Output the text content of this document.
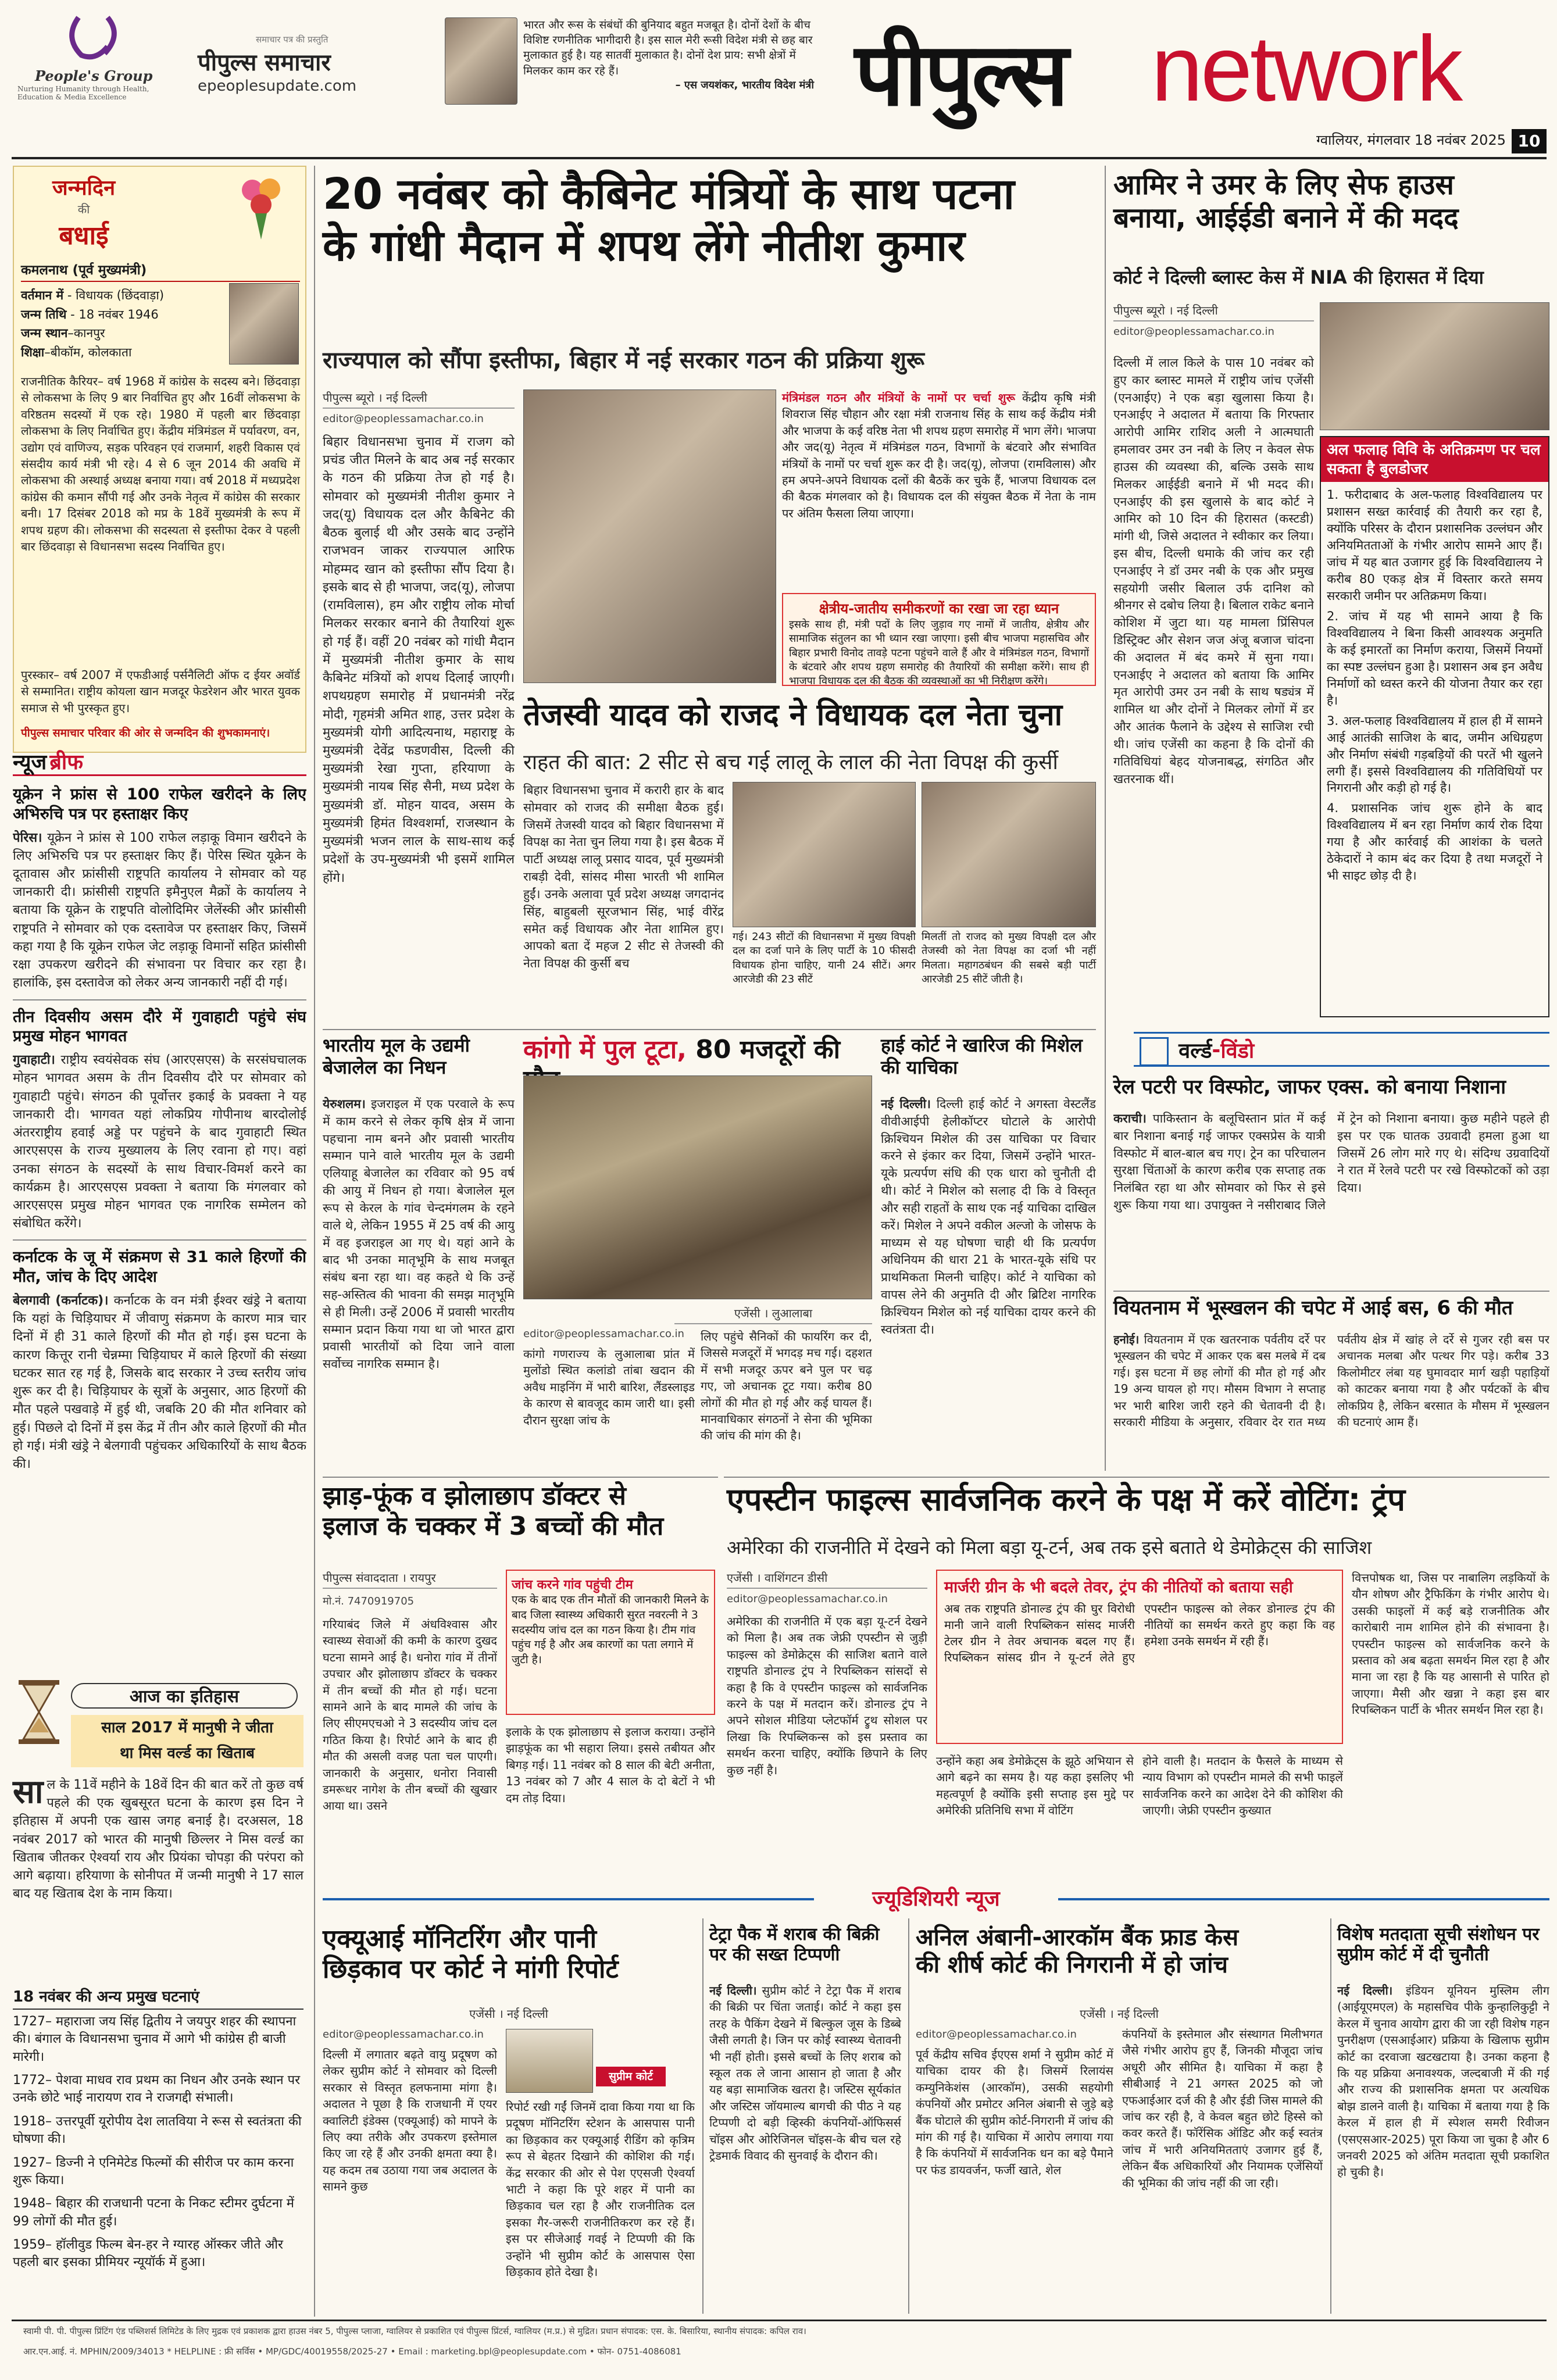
People's Group
Nurturing Humanity through Health, Education & Media Excellence
समाचार पत्र की प्रस्तुति
पीपुल्स समाचार
epeoplesupdate.com
भारत और रूस के संबंधों की बुनियाद बहुत मजबूत है। दोनों देशों के बीच विशिष्ट रणनीतिक भागीदारी है। इस साल मेरी रूसी विदेश मंत्री से छह बार मुलाकात हुई है। यह सातवीं मुलाकात है। दोनों देश प्राय: सभी क्षेत्रों में मिलकर काम कर रहे हैं।
– एस जयशंकर, भारतीय विदेश मंत्री पीपुल्स network
ग्वालियर, मंगलवार 18 नवंबर 2025 10
जन्मदिन
की
बधाई
कमलनाथ (पूर्व मुख्यमंत्री)
वर्तमान में - विधायक (छिंदवाड़ा)
जन्म तिथि - 18 नवंबर 1946
जन्म स्थान–कानपुर
शिक्षा–बीकॉम, कोलकाता
राजनीतिक कैरियर– वर्ष 1968 में कांग्रेस के सदस्य बने। छिंदवाड़ा से लोकसभा के लिए 9 बार निर्वाचित हुए और 16वीं लोकसभा के वरिष्ठतम सदस्यों में एक रहे। 1980 में पहली बार छिंदवाड़ा लोकसभा के लिए निर्वाचित हुए। केंद्रीय मंत्रिमंडल में पर्यावरण, वन, उद्योग एवं वाणिज्य, सड़क परिवहन एवं राजमार्ग, शहरी विकास एवं संसदीय कार्य मंत्री भी रहे। 4 से 6 जून 2014 की अवधि में लोकसभा की अस्थाई अध्यक्ष बनाया गया। वर्ष 2018 में मध्यप्रदेश कांग्रेस की कमान सौंपी गई और उनके नेतृत्व में कांग्रेस की सरकार बनी। 17 दिसंबर 2018 को मप्र के 18वें मुख्यमंत्री के रूप में शपथ ग्रहण की। लोकसभा की सदस्यता से इस्तीफा देकर वे पहली बार छिंदवाड़ा से विधानसभा सदस्य निर्वाचित हुए।
पुरस्कार– वर्ष 2007 में एफडीआई पर्सनैलिटी ऑफ द ईयर अवॉर्ड से सम्मानित। राष्ट्रीय कोयला खान मजदूर फेडरेशन और भारत युवक समाज से भी पुरस्कृत हुए।
पीपुल्स समाचार परिवार की ओर से जन्मदिन की शुभकामनाएं।
न्यूज ब्रीफ
यूक्रेन ने फ्रांस से 100 राफेल खरीदने के लिए अभिरुचि पत्र पर हस्ताक्षर किए

पेरिस। यूक्रेन ने फ्रांस से 100 राफेल लड़ाकू विमान खरीदने के लिए अभिरुचि पत्र पर हस्ताक्षर किए हैं। पेरिस स्थित यूक्रेन के दूतावास और फ्रांसीसी राष्ट्रपति कार्यालय ने सोमवार को यह जानकारी दी। फ्रांसीसी राष्ट्रपति इमैनुएल मैक्रों के कार्यालय ने बताया कि यूक्रेन के राष्ट्रपति वोलोदिमिर जेलेंस्की और फ्रांसीसी राष्ट्रपति ने सोमवार को एक दस्तावेज पर हस्ताक्षर किए, जिसमें कहा गया है कि यूक्रेन राफेल जेट लड़ाकू विमानों सहित फ्रांसीसी रक्षा उपकरण खरीदने की संभावना पर विचार कर रहा है। हालांकि, इस दस्तावेज को लेकर अन्य जानकारी नहीं दी गई।

तीन दिवसीय असम दौरे में गुवाहाटी पहुंचे संघ प्रमुख मोहन भागवत

गुवाहाटी। राष्ट्रीय स्वयंसेवक संघ (आरएसएस) के सरसंघचालक मोहन भागवत असम के तीन दिवसीय दौरे पर सोमवार को गुवाहाटी पहुंचे। संगठन की पूर्वोत्तर इकाई के प्रवक्ता ने यह जानकारी दी। भागवत यहां लोकप्रिय गोपीनाथ बारदोलोई अंतरराष्ट्रीय हवाई अड्डे पर पहुंचने के बाद गुवाहाटी स्थित आरएसएस के राज्य मुख्यालय के लिए रवाना हो गए। वहां उनका संगठन के सदस्यों के साथ विचार-विमर्श करने का कार्यक्रम है। आरएसएस प्रवक्ता ने बताया कि मंगलवार को आरएसएस प्रमुख मोहन भागवत एक नागरिक सम्मेलन को संबोधित करेंगे।

कर्नाटक के जू में संक्रमण से 31 काले हिरणों की मौत, जांच के दिए आदेश

बेलगावी (कर्नाटक)। कर्नाटक के वन मंत्री ईश्वर खंड्रे ने बताया कि यहां के चिड़ियाघर में जीवाणु संक्रमण के कारण मात्र चार दिनों में ही 31 काले हिरणों की मौत हो गई। इस घटना के कारण कित्तूर रानी चेन्नम्मा चिड़ियाघर में काले हिरणों की संख्या घटकर सात रह गई है, जिसके बाद सरकार ने उच्च स्तरीय जांच शुरू कर दी है। चिड़ियाघर के सूत्रों के अनुसार, आठ हिरणों की मौत पहले पखवाड़े में हुई थी, जबकि 20 की मौत शनिवार को हुई। पिछले दो दिनों में इस केंद्र में तीन और काले हिरणों की मौत हो गई। मंत्री खंड्रे ने बेलगावी पहुंचकर अधिकारियों के साथ बैठक की।

आज का इतिहास
साल 2017 में मानुषी ने जीता
था मिस वर्ल्ड का खिताब
साल के 11वें महीने के 18वें दिन की बात करें तो कुछ वर्ष पहले की एक खुबसूरत घटना के कारण इस दिन ने इतिहास में अपनी एक खास जगह बनाई है। दरअसल, 18 नवंबर 2017 को भारत की मानुषी छिल्लर ने मिस वर्ल्ड का खिताब जीतकर ऐश्वर्या राय और प्रियंका चोपड़ा की परंपरा को आगे बढ़ाया। हरियाणा के सोनीपत में जन्मी मानुषी ने 17 साल बाद यह खिताब देश के नाम किया।
18 नवंबर की अन्य प्रमुख घटनाएं

1727– महाराजा जय सिंह द्वितीय ने जयपुर शहर की स्थापना की। बंगाल के विधानसभा चुनाव में आगे भी कांग्रेस ही बाजी मारेगी।

1772– पेशवा माधव राव प्रथम का निधन और उनके स्थान पर उनके छोटे भाई नारायण राव ने राजगद्दी संभाली।

1918– उत्तरपूर्वी यूरोपीय देश लातविया ने रूस से स्वतंत्रता की घोषणा की।

1927– डिज्नी ने एनिमेटेड फिल्मों की सीरीज पर काम करना शुरू किया।

1948– बिहार की राजधानी पटना के निकट स्टीमर दुर्घटना में 99 लोगों की मौत हुई।

1959– हॉलीवुड फिल्म बेन-हर ने ग्यारह ऑस्कर जीते और पहली बार इसका प्रीमियर न्यूयॉर्क में हुआ।

20 नवंबर को कैबिनेट मंत्रियों के साथ पटना
के गांधी मैदान में शपथ लेंगे नीतीश कुमार
राज्यपाल को सौंपा इस्तीफा, बिहार में नई सरकार गठन की प्रक्रिया शुरू
पीपुल्स ब्यूरो । नई दिल्ली
editor@peoplessamachar.co.in
बिहार विधानसभा चुनाव में राजग को प्रचंड जीत मिलने के बाद अब नई सरकार के गठन की प्रक्रिया तेज हो गई है। सोमवार को मुख्यमंत्री नीतीश कुमार ने जद(यू) विधायक दल और कैबिनेट की बैठक बुलाई थी और उसके बाद उन्होंने राजभवन जाकर राज्यपाल आरिफ मोहम्मद खान को इस्तीफा सौंप दिया है। इसके बाद से ही भाजपा, जद(यू), लोजपा (रामविलास), हम और राष्ट्रीय लोक मोर्चा मिलकर सरकार बनाने की तैयारियां शुरू हो गई हैं। वहीं 20 नवंबर को गांधी मैदान में मुख्यमंत्री नीतीश कुमार के साथ कैबिनेट मंत्रियों को शपथ दिलाई जाएगी। शपथग्रहण समारोह में प्रधानमंत्री नरेंद्र मोदी, गृहमंत्री अमित शाह, उत्तर प्रदेश के मुख्यमंत्री योगी आदित्यनाथ, महाराष्ट्र के मुख्यमंत्री देवेंद्र फडणवीस, दिल्ली की मुख्यमंत्री रेखा गुप्ता, हरियाणा के मुख्यमंत्री नायब सिंह सैनी, मध्य प्रदेश के मुख्यमंत्री डॉ. मोहन यादव, असम के मुख्यमंत्री हिमंत विश्वशर्मा, राजस्थान के मुख्यमंत्री भजन लाल के साथ-साथ कई प्रदेशों के उप-मुख्यमंत्री भी इसमें शामिल होंगे।
मंत्रिमंडल गठन और मंत्रियों के नामों पर चर्चा शुरू केंद्रीय कृषि मंत्री शिवराज सिंह चौहान और रक्षा मंत्री राजनाथ सिंह के साथ कई केंद्रीय मंत्री और भाजपा के कई वरिष्ठ नेता भी शपथ ग्रहण समारोह में भाग लेंगे। भाजपा और जद(यू) नेतृत्व में मंत्रिमंडल गठन, विभागों के बंटवारे और संभावित मंत्रियों के नामों पर चर्चा शुरू कर दी है। जद(यू), लोजपा (रामविलास) और हम अपने-अपने विधायक दलों की बैठकें कर चुके हैं, भाजपा विधायक दल की बैठक मंगलवार को है। विधायक दल की संयुक्त बैठक में नेता के नाम पर अंतिम फैसला लिया जाएगा।
क्षेत्रीय-जातीय समीकरणों का रखा जा रहा ध्यान
इसके साथ ही, मंत्री पदों के लिए जुड़ाव गए नामों में जातीय, क्षेत्रीय और सामाजिक संतुलन का भी ध्यान रखा जाएगा। इसी बीच भाजपा महासचिव और बिहार प्रभारी विनोद तावड़े पटना पहुंचने वाले हैं और वे मंत्रिमंडल गठन, विभागों के बंटवारे और शपथ ग्रहण समारोह की तैयारियों की समीक्षा करेंगे। साथ ही भाजपा विधायक दल की बैठक की व्यवस्थाओं का भी निरीक्षण करेंगे।
तेजस्वी यादव को राजद ने विधायक दल नेता चुना
राहत की बात: 2 सीट से बच गई लालू के लाल की नेता विपक्ष की कुर्सी
बिहार विधानसभा चुनाव में करारी हार के बाद सोमवार को राजद की समीक्षा बैठक हुई। जिसमें तेजस्वी यादव को बिहार विधानसभा में विपक्ष का नेता चुन लिया गया है। इस बैठक में पार्टी अध्यक्ष लालू प्रसाद यादव, पूर्व मुख्यमंत्री राबड़ी देवी, सांसद मीसा भारती भी शामिल हुईं। उनके अलावा पूर्व प्रदेश अध्यक्ष जगदानंद सिंह, बाहुबली सूरजभान सिंह, भाई वीरेंद्र समेत कई विधायक और नेता शामिल हुए। आपको बता दें महज 2 सीट से तेजस्वी की नेता विपक्ष की कुर्सी बच
गई। 243 सीटों की विधानसभा में मुख्य विपक्षी दल का दर्जा पाने के लिए पार्टी के 10 फीसदी विधायक होना चाहिए, यानी 24 सीटें। अगर आरजेडी की 23 सीटें
मिलतीं तो राजद को मुख्य विपक्षी दल और तेजस्वी को नेता विपक्ष का दर्जा भी नहीं मिलता। महागठबंधन की सबसे बड़ी पार्टी आरजेडी 25 सीटें जीती है।
भारतीय मूल के उद्यमी बेजालेल का निधन
येरुशलम। इजराइल में एक परवाले के रूप में काम करने से लेकर कृषि क्षेत्र में जाना पहचाना नाम बनने और प्रवासी भारतीय सम्मान पाने वाले भारतीय मूल के उद्यमी एलियाहू बेजालेल का रविवार को 95 वर्ष की आयु में निधन हो गया। बेजालेल मूल रूप से केरल के गांव चेन्दमंगलम के रहने वाले थे, लेकिन 1955 में 25 वर्ष की आयु में वह इजराइल आ गए थे। यहां आने के बाद भी उनका मातृभूमि के साथ मजबूत संबंध बना रहा था। वह कहते थे कि उन्हें सह-अस्तित्व की भावना की समझ मातृभूमि से ही मिली। उन्हें 2006 में प्रवासी भारतीय सम्मान प्रदान किया गया था जो भारत द्वारा प्रवासी भारतीयों को दिया जाने वाला सर्वोच्च नागरिक सम्मान है।
कांगो में पुल टूटा, 80 मजदूरों की
एजेंसी । लुआलाबा
editor@peoplessamachar.co.in
कांगो गणराज्य के लुआलाबा प्रांत में मुलोंडो स्थित कलांडो तांबा खदान की अवैध माइनिंग में भारी बारिश, लैंडस्लाइड के कारण से बावजूद काम जारी था। इसी दौरान सुरक्षा जांच के
लिए पहुंचे सैनिकों की फायरिंग कर दी, जिससे मजदूरों में भगदड़ मच गई। दहशत में सभी मजदूर ऊपर बने पुल पर चढ़ गए, जो अचानक टूट गया। करीब 80 लोगों की मौत हो गई और कई घायल हैं। मानवाधिकार संगठनों ने सेना की भूमिका की जांच की मांग की है।
हाई कोर्ट ने खारिज की मिशेल की याचिका
नई दिल्ली। दिल्ली हाई कोर्ट ने अगस्ता वेस्टलैंड वीवीआईपी हेलीकॉप्टर घोटाले के आरोपी क्रिश्चियन मिशेल की उस याचिका पर विचार करने से इंकार कर दिया, जिसमें उन्होंने भारत-यूके प्रत्यर्पण संधि की एक धारा को चुनौती दी थी। कोर्ट ने मिशेल को सलाह दी कि वे विस्तृत और सही राहतों के साथ एक नई याचिका दाखिल करें। मिशेल ने अपने वकील अल्जो के जोसफ के माध्यम से यह घोषणा चाही थी कि प्रत्यर्पण अधिनियम की धारा 21 के भारत-यूके संधि पर प्राथमिकता मिलनी चाहिए। कोर्ट ने याचिका को वापस लेने की अनुमति दी और ब्रिटिश नागरिक क्रिश्चियन मिशेल को नई याचिका दायर करने की स्वतंत्रता दी।
झाड़-फूंक व झोलाछाप डॉक्टर से
इलाज के चक्कर में 3 बच्चों की मौत
पीपुल्स संवाददाता । रायपुर
मो.नं. 7470919705
गरियाबंद जिले में अंधविश्वास और स्वास्थ्य सेवाओं की कमी के कारण दुखद घटना सामने आई है। धनोरा गांव में तीनों उपचार और झोलाछाप डॉक्टर के चक्कर में तीन बच्चों की मौत हो गई। घटना सामने आने के बाद मामले की जांच के लिए सीएमएचओ ने 3 सदस्यीय जांच दल गठित किया है। रिपोर्ट आने के बाद ही मौत की असली वजह पता चल पाएगी। जानकारी के अनुसार, धनोरा निवासी डमरूधर नागेश के तीन बच्चों की खुखार आया था। उसने
जांच करने गांव पहुंची टीम
एक के बाद एक तीन मौतों की जानकारी मिलने के बाद जिला स्वास्थ्य अधिकारी सुरत नवरत्नी ने 3 सदस्यीय जांच दल का गठन किया है। टीम गांव पहुंच गई है और अब कारणों का पता लगाने में जुटी है।
इलाके के एक झोलाछाप से इलाज कराया। उन्होंने झाड़फूंक का भी सहारा लिया। इससे तबीयत और बिगड़ गई। 11 नवंबर को 8 साल की बेटी अनीता, 13 नवंबर को 7 और 4 साल के दो बेटों ने भी दम तोड़ दिया।
आमिर ने उमर के लिए सेफ हाउस
बनाया, आईईडी बनाने में की मदद
कोर्ट ने दिल्ली ब्लास्ट केस में NIA की हिरासत में दिया
पीपुल्स ब्यूरो । नई दिल्ली
editor@peoplessamachar.co.in
दिल्ली में लाल किले के पास 10 नवंबर को हुए कार ब्लास्ट मामले में राष्ट्रीय जांच एजेंसी (एनआईए) ने एक बड़ा खुलासा किया है। एनआईए ने अदालत में बताया कि गिरफ्तार आरोपी आमिर राशिद अली ने आत्मघाती हमलावर उमर उन नबी के लिए न केवल सेफ हाउस की व्यवस्था की, बल्कि उसके साथ मिलकर आईईडी बनाने में भी मदद की। एनआईए की इस खुलासे के बाद कोर्ट ने आमिर को 10 दिन की हिरासत (कस्टडी) मांगी थी, जिसे अदालत ने स्वीकार कर लिया। इस बीच, दिल्ली धमाके की जांच कर रही एनआईए ने डॉ उमर नबी के एक और प्रमुख सहयोगी जसीर बिलाल उर्फ दानिश को श्रीनगर से दबोच लिया है। बिलाल राकेट बनाने कोशिश में जुटा था। यह मामला प्रिंसिपल डिस्ट्रिक्ट और सेशन जज अंजू बजाज चांदना की अदालत में बंद कमरे में सुना गया। एनआईए ने अदालत को बताया कि आमिर मृत आरोपी उमर उन नबी के साथ षड्यंत्र में शामिल था और दोनों ने मिलकर लोगों में डर और आतंक फैलाने के उद्देश्य से साजिश रची थी। जांच एजेंसी का कहना है कि दोनों की गतिविधियां बेहद योजनाबद्ध, संगठित और खतरनाक थीं।
अल फलाह विवि के अतिक्रमण पर चल सकता है बुलडोजर

1. फरीदाबाद के अल-फलाह विश्वविद्यालय पर प्रशासन सख्त कार्रवाई की तैयारी कर रहा है, क्योंकि परिसर के दौरान प्रशासनिक उल्लंघन और अनियमितताओं के गंभीर आरोप सामने आए हैं। जांच में यह बात उजागर हुई कि विश्वविद्यालय ने करीब 80 एकड़ क्षेत्र में विस्तार करते समय सरकारी जमीन पर अतिक्रमण किया।

2. जांच में यह भी सामने आया है कि विश्वविद्यालय ने बिना किसी आवश्यक अनुमति के कई इमारतों का निर्माण कराया, जिसमें नियमों का स्पष्ट उल्लंघन हुआ है। प्रशासन अब इन अवैध निर्माणों को ध्वस्त करने की योजना तैयार कर रहा है।

3. अल-फलाह विश्वविद्यालय में हाल ही में सामने आई आतंकी साजिश के बाद, जमीन अधिग्रहण और निर्माण संबंधी गड़बड़ियों की परतें भी खुलने लगी हैं। इससे विश्वविद्यालय की गतिविधियों पर निगरानी और कड़ी हो गई है।

4. प्रशासनिक जांच शुरू होने के बाद विश्वविद्यालय में बन रहा निर्माण कार्य रोक दिया गया है और कार्रवाई की आशंका के चलते ठेकेदारों ने काम बंद कर दिया है तथा मजदूरों ने भी साइट छोड़ दी है।

वर्ल्ड-विंडो
रेल पटरी पर विस्फोट, जाफर एक्स. को बनाया निशाना
कराची। पाकिस्तान के बलूचिस्तान प्रांत में कई बार निशाना बनाई गई जाफर एक्सप्रेस के यात्री विस्फोट में बाल-बाल बच गए। ट्रेन का परिचालन सुरक्षा चिंताओं के कारण करीब एक सप्ताह तक निलंबित रहा था और सोमवार को फिर से इसे शुरू किया गया था। उपायुक्त ने नसीराबाद जिले में ट्रेन को निशाना बनाया। कुछ महीने पहले ही इस पर एक घातक उग्रवादी हमला हुआ था जिसमें 26 लोग मारे गए थे। संदिग्ध उग्रवादियों ने रात में रेलवे पटरी पर रखे विस्फोटकों को उड़ा दिया।
वियतनाम में भूस्खलन की चपेट में आई बस, 6 की मौत
हनोई। वियतनाम में एक खतरनाक पर्वतीय दर्रे पर भूस्खलन की चपेट में आकर एक बस मलबे में दब गई। इस घटना में छह लोगों की मौत हो गई और 19 अन्य घायल हो गए। मौसम विभाग ने सप्ताह भर भारी बारिश जारी रहने की चेतावनी दी है। सरकारी मीडिया के अनुसार, रविवार देर रात मध्य पर्वतीय क्षेत्र में खांह ले दर्रे से गुजर रही बस पर अचानक मलबा और पत्थर गिर पड़े। करीब 33 किलोमीटर लंबा यह घुमावदार मार्ग खड़ी पहाड़ियों को काटकर बनाया गया है और पर्यटकों के बीच लोकप्रिय है, लेकिन बरसात के मौसम में भूस्खलन की घटनाएं आम हैं।
एपस्टीन फाइल्स सार्वजनिक करने के पक्ष में करें वोटिंग: ट्रंप
अमेरिका की राजनीति में देखने को मिला बड़ा यू-टर्न, अब तक इसे बताते थे डेमोक्रेट्स की साजिश
एजेंसी । वाशिंगटन डीसी
editor@peoplessamachar.co.in
अमेरिका की राजनीति में एक बड़ा यू-टर्न देखने को मिला है। अब तक जेफ्री एपस्टीन से जुड़ी फाइल्स को डेमोक्रेट्स की साजिश बताने वाले राष्ट्रपति डोनाल्ड ट्रंप ने रिपब्लिकन सांसदों से कहा है कि वे एपस्टीन फाइल्स को सार्वजनिक करने के पक्ष में मतदान करें। डोनाल्ड ट्रंप ने अपने सोशल मीडिया प्लेटफॉर्म ट्रुथ सोशल पर लिखा कि रिपब्लिकन्स को इस प्रस्ताव का समर्थन करना चाहिए, क्योंकि छिपाने के लिए कुछ नहीं है।
मार्जरी ग्रीन के भी बदले तेवर, ट्रंप की नीतियों को बताया सही
अब तक राष्ट्रपति डोनाल्ड ट्रंप की घुर विरोधी मानी जाने वाली रिपब्लिकन सांसद मार्जरी टेलर ग्रीन ने तेवर अचानक बदल गए हैं। रिपब्लिकन सांसद ग्रीन ने यू-टर्न लेते हुए एपस्टीन फाइल्स को लेकर डोनाल्ड ट्रंप की नीतियों का समर्थन करते हुए कहा कि वह हमेशा उनके समर्थन में रही हैं।
उन्होंने कहा अब डेमोक्रेट्स के झूठे अभियान से आगे बढ़ने का समय है। यह कहा इसलिए भी महत्वपूर्ण है क्योंकि इसी सप्ताह इस मुद्दे पर अमेरिकी प्रतिनिधि सभा में वोटिंग
होने वाली है। मतदान के फैसले के माध्यम से न्याय विभाग को एपस्टीन मामले की सभी फाइलें सार्वजनिक करने का आदेश देने की कोशिश की जाएगी। जेफ्री एपस्टीन कुख्यात
वित्तपोषक था, जिस पर नाबालिग लड़कियों के यौन शोषण और ट्रैफिकिंग के गंभीर आरोप थे। उसकी फाइलों में कई बड़े राजनीतिक और कारोबारी नाम शामिल होने की संभावना है। एपस्टीन फाइल्स को सार्वजनिक करने के प्रस्ताव को अब बढ़ता समर्थन मिल रहा है और माना जा रहा है कि यह आसानी से पारित हो जाएगा। मैसी और खन्ना ने कहा इस बार रिपब्लिकन पार्टी के भीतर समर्थन मिल रहा है।
ज्यूडिशियरी न्यूज
एक्यूआई मॉनिटरिंग और पानी
छिड़काव पर कोर्ट ने मांगी रिपोर्ट
एजेंसी । नई दिल्ली
editor@peoplessamachar.co.in
दिल्ली में लगातार बढ़ते वायु प्रदूषण को लेकर सुप्रीम कोर्ट ने सोमवार को दिल्ली सरकार से विस्तृत हलफनामा मांगा है। अदालत ने पूछा है कि राजधानी में एयर क्वालिटी इंडेक्स (एक्यूआई) को मापने के लिए क्या तरीके और उपकरण इस्तेमाल किए जा रहे हैं और उनकी क्षमता क्या है। यह कदम तब उठाया गया जब अदालत के सामने कुछ
सुप्रीम कोर्ट
रिपोर्ट रखी गईं जिनमें दावा किया गया था कि प्रदूषण मॉनिटरिंग स्टेशन के आसपास पानी का छिड़काव कर एक्यूआई रीडिंग को कृत्रिम रूप से बेहतर दिखाने की कोशिश की गई। केंद्र सरकार की ओर से पेश एएसजी ऐश्वर्या भाटी ने कहा कि पूरे शहर में पानी का छिड़काव चल रहा है और राजनीतिक दल इसका गैर-जरूरी राजनीतिकरण कर रहे हैं। इस पर सीजेआई गवई ने टिप्पणी की कि उन्होंने भी सुप्रीम कोर्ट के आसपास ऐसा छिड़काव होते देखा है।
टेट्रा पैक में शराब की बिक्री पर की सख्त टिप्पणी
नई दिल्ली। सुप्रीम कोर्ट ने टेट्रा पैक में शराब की बिक्री पर चिंता जताई। कोर्ट ने कहा इस तरह के पैकिंग देखने में बिल्कुल जूस के डिब्बे जैसी लगती है। जिन पर कोई स्वास्थ्य चेतावनी भी नहीं होती। इससे बच्चों के लिए शराब को स्कूल तक ले जाना आसान हो जाता है और यह बड़ा सामाजिक खतरा है। जस्टिस सूर्यकांत और जस्टिस जॉयमाल्य बागची की पीठ ने यह टिप्पणी दो बड़ी व्हिस्की कंपनियों-ऑफिसर्स चॉइस और ओरिजिनल चॉइस-के बीच चल रहे ट्रेडमार्क विवाद की सुनवाई के दौरान की।
अनिल अंबानी-आरकॉम बैंक फ्राड केस
की शीर्ष कोर्ट की निगरानी में हो जांच
एजेंसी । नई दिल्ली
editor@peoplessamachar.co.in
पूर्व केंद्रीय सचिव ईएएस शर्मा ने सुप्रीम कोर्ट में याचिका दायर की है। जिसमें रिलायंस कम्युनिकेशंस (आरकॉम), उसकी सहयोगी कंपनियों और प्रमोटर अनिल अंबानी से जुड़े बड़े बैंक घोटाले की सुप्रीम कोर्ट-निगरानी में जांच की मांग की गई है। याचिका में आरोप लगाया गया है कि कंपनियों में सार्वजनिक धन का बड़े पैमाने पर फंड डायवर्जन, फर्जी खाते, शेल
कंपनियों के इस्तेमाल और संस्थागत मिलीभगत जैसे गंभीर आरोप हुए हैं, जिनकी मौजूदा जांच अधूरी और सीमित है। याचिका में कहा है सीबीआई ने 21 अगस्त 2025 को जो एफआईआर दर्ज की है और ईडी जिस मामले की जांच कर रही है, वे केवल बहुत छोटे हिस्से को कवर करते हैं। फॉरेंसिक ऑडिट और कई स्वतंत्र जांच में भारी अनियमितताएं उजागर हुई हैं, लेकिन बैंक अधिकारियों और नियामक एजेंसियों की भूमिका की जांच नहीं की जा रही।
विशेष मतदाता सूची संशोधन पर सुप्रीम कोर्ट में दी चुनौती
नई दिल्ली। इंडियन यूनियन मुस्लिम लीग (आईयूएमएल) के महासचिव पीके कुन्हालिकुट्टी ने केरल में चुनाव आयोग द्वारा की जा रही विशेष गहन पुनरीक्षण (एसआईआर) प्रक्रिया के खिलाफ सुप्रीम कोर्ट का दरवाजा खटखटाया है। उनका कहना है कि यह प्रक्रिया अनावश्यक, जल्दबाजी में की गई और राज्य की प्रशासनिक क्षमता पर अत्यधिक बोझ डालने वाली है। याचिका में बताया गया है कि केरल में हाल ही में स्पेशल समरी रिवीजन (एसएसआर-2025) पूरा किया जा चुका है और 6 जनवरी 2025 को अंतिम मतदाता सूची प्रकाशित हो चुकी है।
स्वामी पी. पी. पीपुल्स प्रिंटिंग एंड पब्लिशर्स लिमिटेड के लिए मुद्रक एवं प्रकाशक द्वारा हाउस नंबर 5, पीपुल्स प्लाजा, ग्वालियर से प्रकाशित एवं पीपुल्स प्रिंटर्स, ग्वालियर (म.प्र.) से मुद्रित। प्रधान संपादक: एस. के. बिसारिया, स्थानीय संपादक: कपिल राव।
आर.एन.आई. नं. MPHIN/2009/34013 * HELPLINE : फ्री सर्विस • MP/GDC/40019558/2025-27 • Email : marketing.bpl@peoplesupdate.com • फोन- 0751-4086081
